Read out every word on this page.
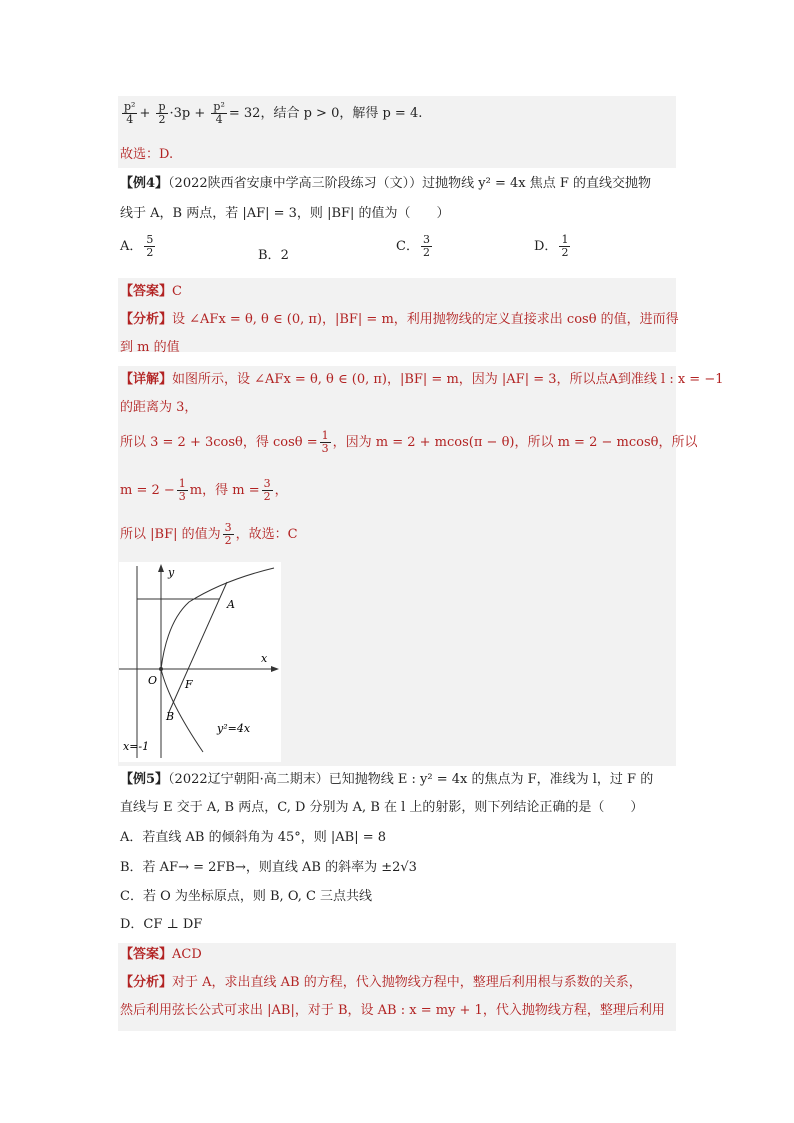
$\frac{\text{p²}}{4} + \frac{p}{2} \cdot 3p + \frac{\text{p²}}{4} = 32$，结合 p > 0，解得 p = 4.
故选：D.
【例4】（2022陕西省安康中学高三阶段练习（文））过抛物线 y² = 4x 焦点 F 的直线交抛物
线于 A，B 两点，若 |AF| = 3，则 |BF| 的值为（　　）
A． $\frac{5}{2}$	B．2
C． $\frac{3}{2}$	D． $\frac{1}{2}$
【答案】C
【分析】设 ∠AFx = θ, θ ∈ (0, π)，|BF| = m，利用抛物线的定义直接求出 cosθ 的值，进而得
到 m 的值
【详解】如图所示，设 ∠AFx = θ, θ ∈ (0, π)，|BF| = m，因为 |AF| = 3，所以点A到准线 l : x = −1
的距离为 3，
所以 3 = 2 + 3cosθ，得 $\cos\theta = \frac{1}{3}$ ，因为 m = 2 + mcos(π − θ)，所以 m = 2 − mcosθ，所以
$m = 2 - \frac{1}{3}$ m，得 $m = \frac{3}{2}$ ，
所以 |BF| 的值为 $\frac{3}{2}$ ，故选：C
y
x
O	F
A
B
y²=4x
x=-1
【例5】（2022辽宁朝阳·高二期末）已知抛物线 E : y² = 4x 的焦点为 F，准线为 l，过 F 的
直线与 E 交于 A, B 两点，C, D 分别为 A, B 在 l 上的射影，则下列结论正确的是（　　）
A．若直线 AB 的倾斜角为 45°，则 |AB| = 8
B．若 AF→ = 2FB→，则直线 AB 的斜率为 ±2√3
C．若 O 为坐标原点，则 B, O, C 三点共线
D．CF ⊥ DF
【答案】ACD
【分析】对于 A，求出直线 AB 的方程，代入抛物线方程中，整理后利用根与系数的关系，
然后利用弦长公式可求出 |AB|，对于 B，设 AB : x = my + 1，代入抛物线方程，整理后利用
